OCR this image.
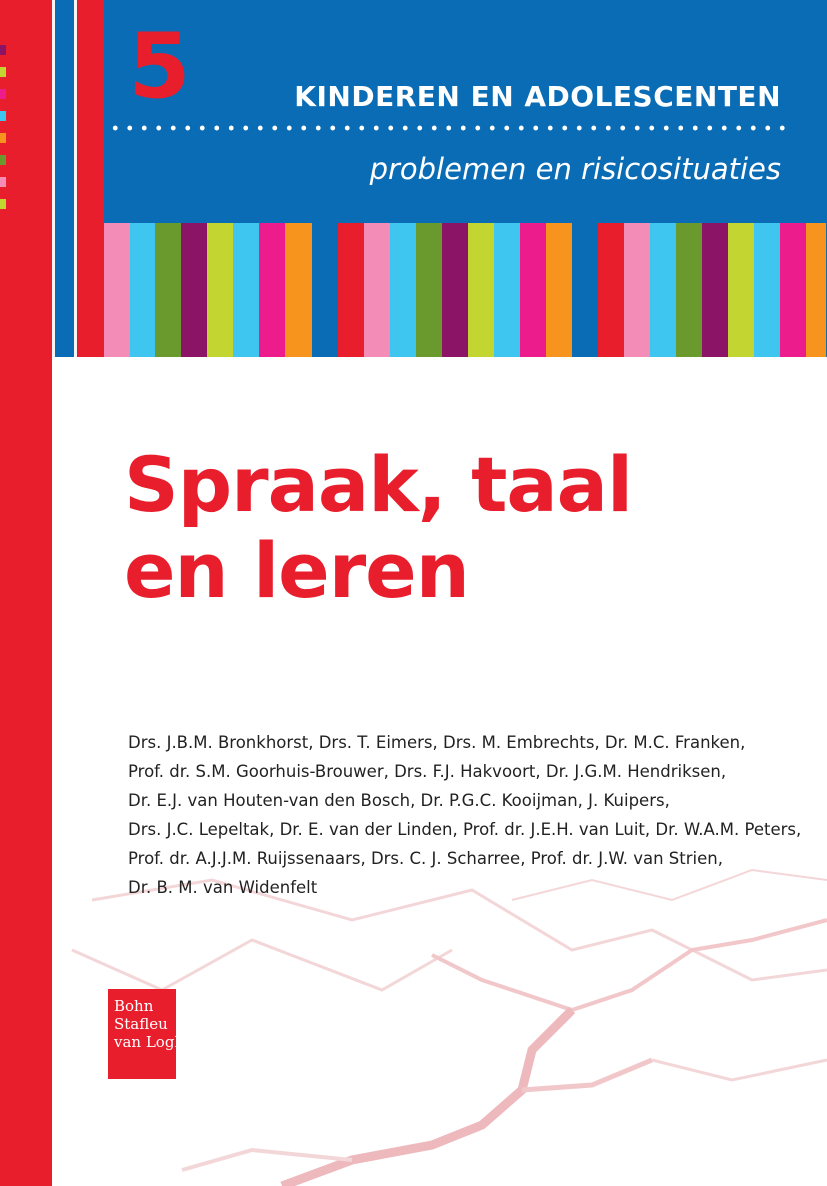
5	KINDEREN EN ADOLESCENTEN
problemen en risicosituaties
Spraak, taal
en leren
Drs. J.B.M. Bronkhorst, Drs. T. Eimers, Drs. M. Embrechts, Dr. M.C. Franken,
Prof. dr. S.M. Goorhuis-Brouwer, Drs. F.J. Hakvoort, Dr. J.G.M. Hendriksen,
Dr. E.J. van Houten-van den Bosch, Dr. P.G.C. Kooijman, J. Kuipers,
Drs. J.C. Lepeltak, Dr. E. van der Linden, Prof. dr. J.E.H. van Luit, Dr. W.A.M. Peters,
Prof. dr. A.J.J.M. Ruijssenaars, Drs. C. J. Scharree, Prof. dr. J.W. van Strien,
Dr. B. M. van Widenfelt
Bohn
Stafleu
van Loghum
